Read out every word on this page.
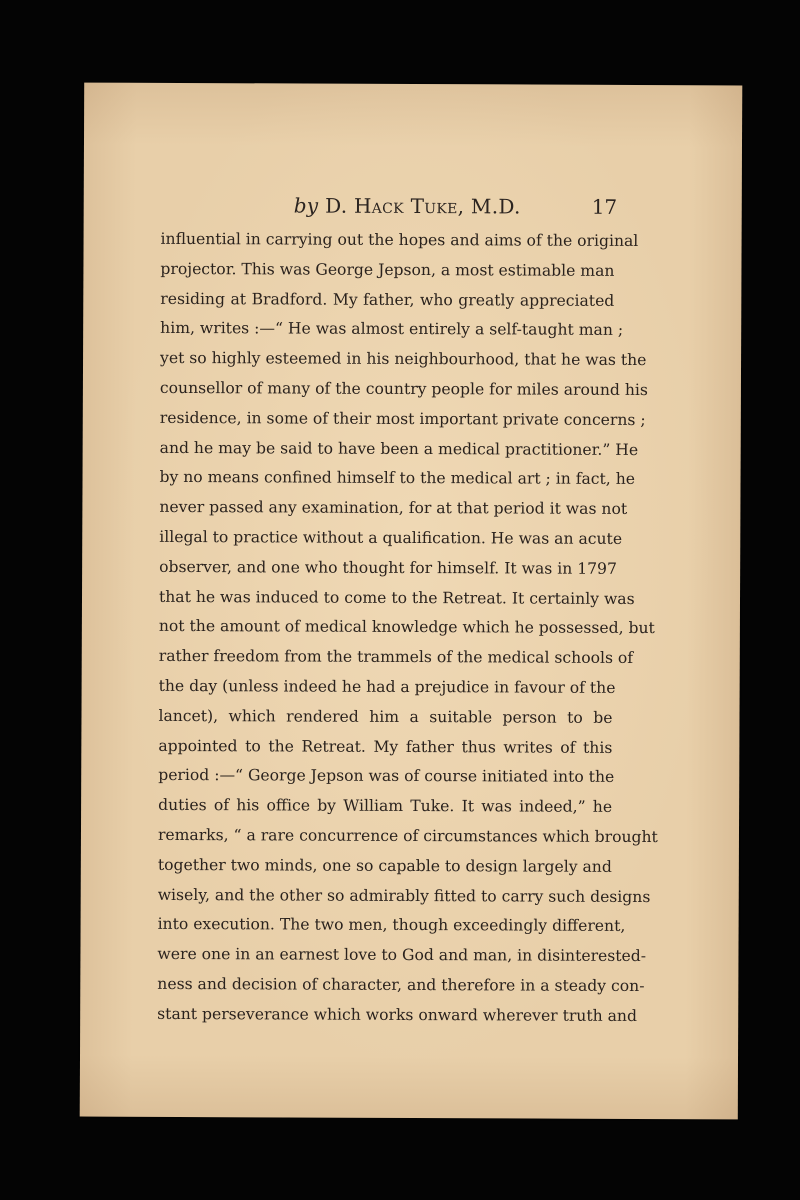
by D. Hack Tuke, M.D.	17
influential in carrying out the hopes and aims of the original
projector. This was George Jepson, a most estimable man
residing at Bradford. My father, who greatly appreciated
him, writes :—“ He was almost entirely a self-taught man ;
yet so highly esteemed in his neighbourhood, that he was the
counsellor of many of the country people for miles around his
residence, in some of their most important private concerns ;
and he may be said to have been a medical practitioner.” He
by no means confined himself to the medical art ; in fact, he
never passed any examination, for at that period it was not
illegal to practice without a qualification. He was an acute
observer, and one who thought for himself. It was in 1797
that he was induced to come to the Retreat. It certainly was
not the amount of medical knowledge which he possessed, but
rather freedom from the trammels of the medical schools of
the day (unless indeed he had a prejudice in favour of the
lancet), which rendered him a suitable person to be
appointed to the Retreat. My father thus writes of this
period :—“ George Jepson was of course initiated into the
duties of his office by William Tuke. It was indeed,” he
remarks, “ a rare concurrence of circumstances which brought
together two minds, one so capable to design largely and
wisely, and the other so admirably fitted to carry such designs
into execution. The two men, though exceedingly different,
were one in an earnest love to God and man, in disinterested-
ness and decision of character, and therefore in a steady con-
stant perseverance which works onward wherever truth and
